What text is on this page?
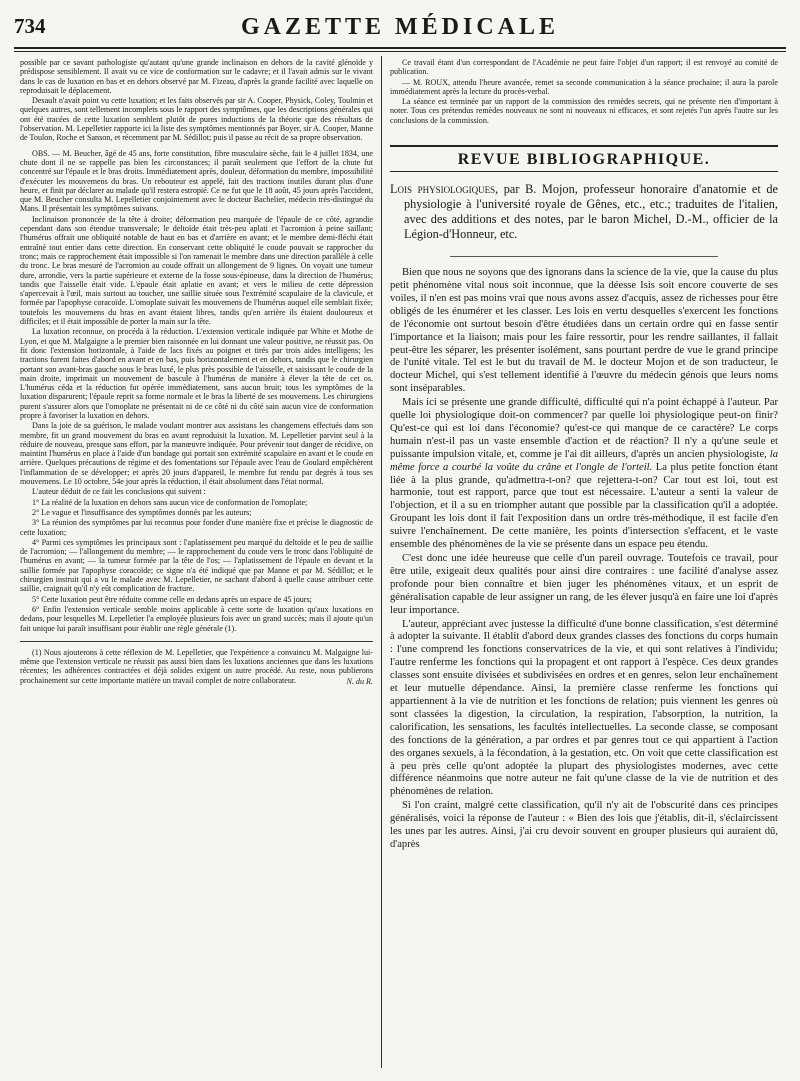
734	GAZETTE MÉDICALE

possible par ce savant pathologiste qu'autant qu'une grande inclinaison en dehors de la cavité glénoïde y prédispose sensiblement. Il avait vu ce vice de conformation sur le cadavre; et il l'avait admis sur le vivant dans le cas de luxation en bas et en dehors observé par M. Fizeau, d'après la grande facilité avec laquelle on reproduisait le déplacement.

Desault n'avait point vu cette luxation; et les faits observés par sir A. Cooper, Physick, Coley, Toulmin et quelques autres, sont tellement incomplets sous le rapport des symptômes, que les descriptions générales qui ont été tracées de cette luxation semblent plutôt de pures inductions de la théorie que des résultats de l'observation. M. Lepelletier rapporte ici la liste des symptômes mentionnés par Boyer, sir A. Cooper, Manne de Toulon, Roche et Sanson, et récemment par M. Sédillot; puis il passe au récit de sa propre observation.

OBS. — M. Beucher, âgé de 45 ans, forte constitution, fibre musculaire sèche, fait le 4 juillet 1834, une chute dont il ne se rappelle pas bien les circonstances; il paraît seulement que l'effort de la chute fut concentré sur l'épaule et le bras droits. Immédiatement après, douleur, déformation du membre, impossibilité d'exécuter les mouvemens du bras. Un rebouteur est appelé, fait des tractions inutiles durant plus d'une heure, et finit par déclarer au malade qu'il restera estropié. Ce ne fut que le 18 août, 45 jours après l'accident, que M. Beucher consulta M. Lepelletier conjointement avec le docteur Bachelier, médecin très-distingué du Mans. Il présentait les symptômes suivans.

Inclinaison prononcée de la tête à droite; déformation peu marquée de l'épaule de ce côté, agrandie cependant dans son étendue transversale; le deltoïde était très-peu aplati et l'acromion à peine saillant; l'humérus offrait une obliquité notable de haut en bas et d'arrière en avant; et le membre demi-fléchi était entraîné tout entier dans cette direction. En conservant cette obliquité le coude pouvait se rapprocher du tronc; mais ce rapprochement était impossible si l'on ramenait le membre dans une direction parallèle à celle du tronc. Le bras mesuré de l'acromion au coude offrait un allongement de 9 lignes. On voyait une tumeur dure, arrondie, vers la partie supérieure et externe de la fosse sous-épineuse, dans la direction de l'humérus; tandis que l'aisselle était vide. L'épaule était aplatie en avant; et vers le milieu de cette dépression s'apercevait à l'œil, mais surtout au toucher, une saillie située sous l'extrémité scapulaire de la clavicule, et formée par l'apophyse coracoïde. L'omoplate suivait les mouvemens de l'humérus auquel elle semblait fixée; toutefois les mouvemens du bras en avant étaient libres, tandis qu'en arrière ils étaient douloureux et difficiles; et il était impossible de porter la main sur la tête.

La luxation reconnue, on procéda à la réduction. L'extension verticale indiquée par White et Mothe de Lyon, et que M. Malgaigne a le premier bien raisonnée en lui donnant une valeur positive, ne réussit pas. On fit donc l'extension horizontale, à l'aide de lacs fixés au poignet et tirés par trois aides intelligens; les tractions furent faites d'abord en avant et en bas, puis horizontalement et en dehors, tandis que le chirurgien portant son avant-bras gauche sous le bras luxé, le plus près possible de l'aisselle, et saisissant le coude de la main droite, imprimait un mouvement de bascule à l'humérus de manière à élever la tête de cet os. L'humérus céda et la réduction fut opérée immédiatement, sans aucun bruit; tous les symptômes de la luxation disparurent; l'épaule reprit sa forme normale et le bras la liberté de ses mouvemens. Les chirurgiens purent s'assurer alors que l'omoplate ne présentait ni de ce côté ni du côté sain aucun vice de conformation propre à favoriser la luxation en dehors.

Dans la joie de sa guérison, le malade voulant montrer aux assistans les changemens effectués dans son membre, fit un grand mouvement du bras en avant reproduisit la luxation. M. Lepelletier parvint seul à la réduire de nouveau, presque sans effort, par la manœuvre indiquée. Pour prévenir tout danger de récidive, on maintint l'humérus en place à l'aide d'un bandage qui portait son extrémité scapulaire en avant et le coude en arrière. Quelques précautions de régime et des fomentations sur l'épaule avec l'eau de Goulard empêchèrent l'inflammation de se développer; et après 20 jours d'appareil, le membre fut rendu par degrés à tous ses mouvemens. Le 10 octobre, 54e jour après la réduction, il était absolument dans l'état normal.

L'auteur déduit de ce fait les conclusions qui suivent :

1° La réalité de la luxation en dehors sans aucun vice de conformation de l'omoplate;

2° Le vague et l'insuffisance des symptômes donnés par les auteurs;

3° La réunion des symptômes par lui reconnus pour fonder d'une manière fixe et précise le diagnostic de cette luxation;

4° Parmi ces symptômes les principaux sont : l'aplatissement peu marqué du deltoïde et le peu de saillie de l'acromion; — l'allongement du membre; — le rapprochement du coude vers le tronc dans l'obliquité de l'humérus en avant; — la tumeur formée par la tête de l'os; — l'aplatissement de l'épaule en devant et la saillie formée par l'apophyse coracoïde; ce signe n'a été indiqué que par Manne et par M. Sédillot; et le chirurgien instruit qui a vu le malade avec M. Lepelletier, ne sachant d'abord à quelle cause attribuer cette saillie, craignait qu'il n'y eût complication de fracture.

5° Cette luxation peut être réduite comme celle en dedans après un espace de 45 jours;

6° Enfin l'extension verticale semble moins applicable à cette sorte de luxation qu'aux luxations en dedans, pour lesquelles M. Lepelletier l'a employée plusieurs fois avec un grand succès; mais il ajoute qu'un fait unique lui paraît insuffisant pour établir une règle générale (1).

(1) Nous ajouterons à cette réflexion de M. Lepelletier, que l'expérience a convaincu M. Malgaigne lui-même que l'extension verticale ne réussit pas aussi bien dans les luxations anciennes que dans les luxations récentes; les adhérences contractées et déjà solides exigent un autre procédé. Au reste, nous publierons prochainement sur cette importante matière un travail complet de notre collaborateur.	N. du R.

Ce travail étant d'un correspondant de l'Académie ne peut faire l'objet d'un rapport; il est renvoyé au comité de publication.

— M. ROUX, attendu l'heure avancée, remet sa seconde communication à la séance prochaine; il aura la parole immédiatement après la lecture du procès-verbal.

La séance est terminée par un rapport de la commission des remèdes secrets, qui ne présente rien d'important à noter. Tous ces prétendus remèdes nouveaux ne sont ni nouveaux ni efficaces, et sont rejetés l'un après l'autre sur les conclusions de la commission.

REVUE BIBLIOGRAPHIQUE.
Lois physiologiques, par B. Mojon, professeur honoraire d'anatomie et de physiologie à l'université royale de Gênes, etc., etc.; traduites de l'italien, avec des additions et des notes, par le baron Michel, D.-M., officier de la Légion-d'Honneur, etc.

Bien que nous ne soyons que des ignorans dans la science de la vie, que la cause du plus petit phénomène vital nous soit inconnue, que la déesse Isis soit encore couverte de ses voiles, il n'en est pas moins vrai que nous avons assez d'acquis, assez de richesses pour être obligés de les énumérer et les classer. Les lois en vertu desquelles s'exercent les fonctions de l'économie ont surtout besoin d'être étudiées dans un certain ordre qui en fasse sentir l'importance et la liaison; mais pour les faire ressortir, pour les rendre saillantes, il fallait peut-être les séparer, les présenter isolément, sans pourtant perdre de vue le grand principe de l'unité vitale. Tel est le but du travail de M. le docteur Mojon et de son traducteur, le docteur Michel, qui s'est tellement identifié à l'œuvre du médecin génois que leurs noms sont inséparables.

Mais ici se présente une grande difficulté, difficulté qui n'a point échappé à l'auteur. Par quelle loi physiologique doit-on commencer? par quelle loi physiologique peut-on finir? Qu'est-ce qui est loi dans l'économie? qu'est-ce qui manque de ce caractère? Le corps humain n'est-il pas un vaste ensemble d'action et de réaction? Il n'y a qu'une seule et puissante impulsion vitale, et, comme je l'ai dit ailleurs, d'après un ancien physiologiste, la même force a courbé la voûte du crâne et l'ongle de l'orteil. La plus petite fonction étant liée à la plus grande, qu'admettra-t-on? que rejettera-t-on? Car tout est loi, tout est harmonie, tout est rapport, parce que tout est nécessaire. L'auteur a senti la valeur de l'objection, et il a su en triompher autant que possible par la classification qu'il a adoptée. Groupant les lois dont il fait l'exposition dans un ordre très-méthodique, il est facile d'en suivre l'enchaînement. De cette manière, les points d'intersection s'effacent, et le vaste ensemble des phénomènes de la vie se présente dans un espace peu étendu.

C'est donc une idée heureuse que celle d'un pareil ouvrage. Toutefois ce travail, pour être utile, exigeait deux qualités pour ainsi dire contraires : une facilité d'analyse assez profonde pour bien connaître et bien juger les phénomènes vitaux, et un esprit de généralisation capable de leur assigner un rang, de les élever jusqu'à en faire une loi d'après leur importance.

L'auteur, appréciant avec justesse la difficulté d'une bonne classification, s'est déterminé à adopter la suivante. Il établit d'abord deux grandes classes des fonctions du corps humain : l'une comprend les fonctions conservatrices de la vie, et qui sont relatives à l'individu; l'autre renferme les fonctions qui la propagent et ont rapport à l'espèce. Ces deux grandes classes sont ensuite divisées et subdivisées en ordres et en genres, selon leur enchaînement et leur mutuelle dépendance. Ainsi, la première classe renferme les fonctions qui appartiennent à la vie de nutrition et les fonctions de relation; puis viennent les genres où sont classées la digestion, la circulation, la respiration, l'absorption, la nutrition, la calorification, les sensations, les facultés intellectuelles. La seconde classe, se composant des fonctions de la génération, a par ordres et par genres tout ce qui appartient à l'action des organes sexuels, à la fécondation, à la gestation, etc. On voit que cette classification est à peu près celle qu'ont adoptée la plupart des physiologistes modernes, avec cette différence néanmoins que notre auteur ne fait qu'une classe de la vie de nutrition et des phénomènes de relation.

Si l'on craint, malgré cette classification, qu'il n'y ait de l'obscurité dans ces principes généralisés, voici la réponse de l'auteur : « Bien des lois que j'établis, dit-il, s'éclaircissent les unes par les autres. Ainsi, j'ai cru devoir souvent en grouper plusieurs qui auraient dû, d'après
